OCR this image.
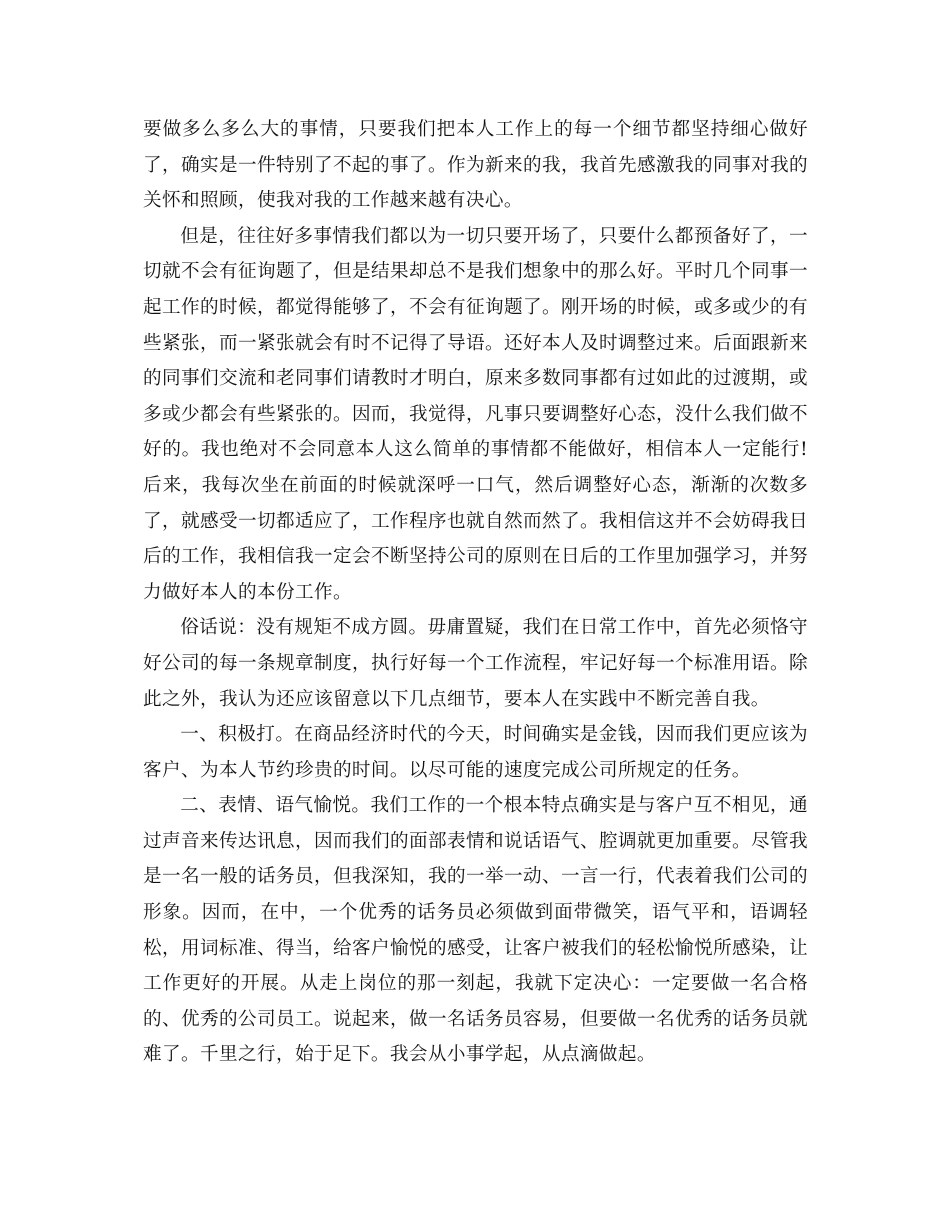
要做多么多么大的事情，只要我们把本人工作上的每一个细节都坚持细心做好了，确实是一件特别了不起的事了。作为新来的我，我首先感激我的同事对我的关怀和照顾，使我对我的工作越来越有决心。

但是，往往好多事情我们都以为一切只要开场了，只要什么都预备好了，一切就不会有征询题了，但是结果却总不是我们想象中的那么好。平时几个同事一起工作的时候，都觉得能够了，不会有征询题了。刚开场的时候，或多或少的有些紧张，而一紧张就会有时不记得了导语。还好本人及时调整过来。后面跟新来的同事们交流和老同事们请教时才明白，原来多数同事都有过如此的过渡期，或多或少都会有些紧张的。因而，我觉得，凡事只要调整好心态，没什么我们做不好的。我也绝对不会同意本人这么简单的事情都不能做好，相信本人一定能行!后来，我每次坐在前面的时候就深呼一口气，然后调整好心态，渐渐的次数多了，就感受一切都适应了，工作程序也就自然而然了。我相信这并不会妨碍我日后的工作，我相信我一定会不断坚持公司的原则在日后的工作里加强学习，并努力做好本人的本份工作。

俗话说：没有规矩不成方圆。毋庸置疑，我们在日常工作中，首先必须恪守好公司的每一条规章制度，执行好每一个工作流程，牢记好每一个标准用语。除此之外，我认为还应该留意以下几点细节，要本人在实践中不断完善自我。

一、积极打。在商品经济时代的今天，时间确实是金钱，因而我们更应该为客户、为本人节约珍贵的时间。以尽可能的速度完成公司所规定的任务。

二、表情、语气愉悦。我们工作的一个根本特点确实是与客户互不相见，通过声音来传达讯息，因而我们的面部表情和说话语气、腔调就更加重要。尽管我是一名一般的话务员，但我深知，我的一举一动、一言一行，代表着我们公司的形象。因而，在中，一个优秀的话务员必须做到面带微笑，语气平和，语调轻松，用词标准、得当，给客户愉悦的感受，让客户被我们的轻松愉悦所感染，让工作更好的开展。从走上岗位的那一刻起，我就下定决心：一定要做一名合格的、优秀的公司员工。说起来，做一名话务员容易，但要做一名优秀的话务员就难了。千里之行，始于足下。我会从小事学起，从点滴做起。
